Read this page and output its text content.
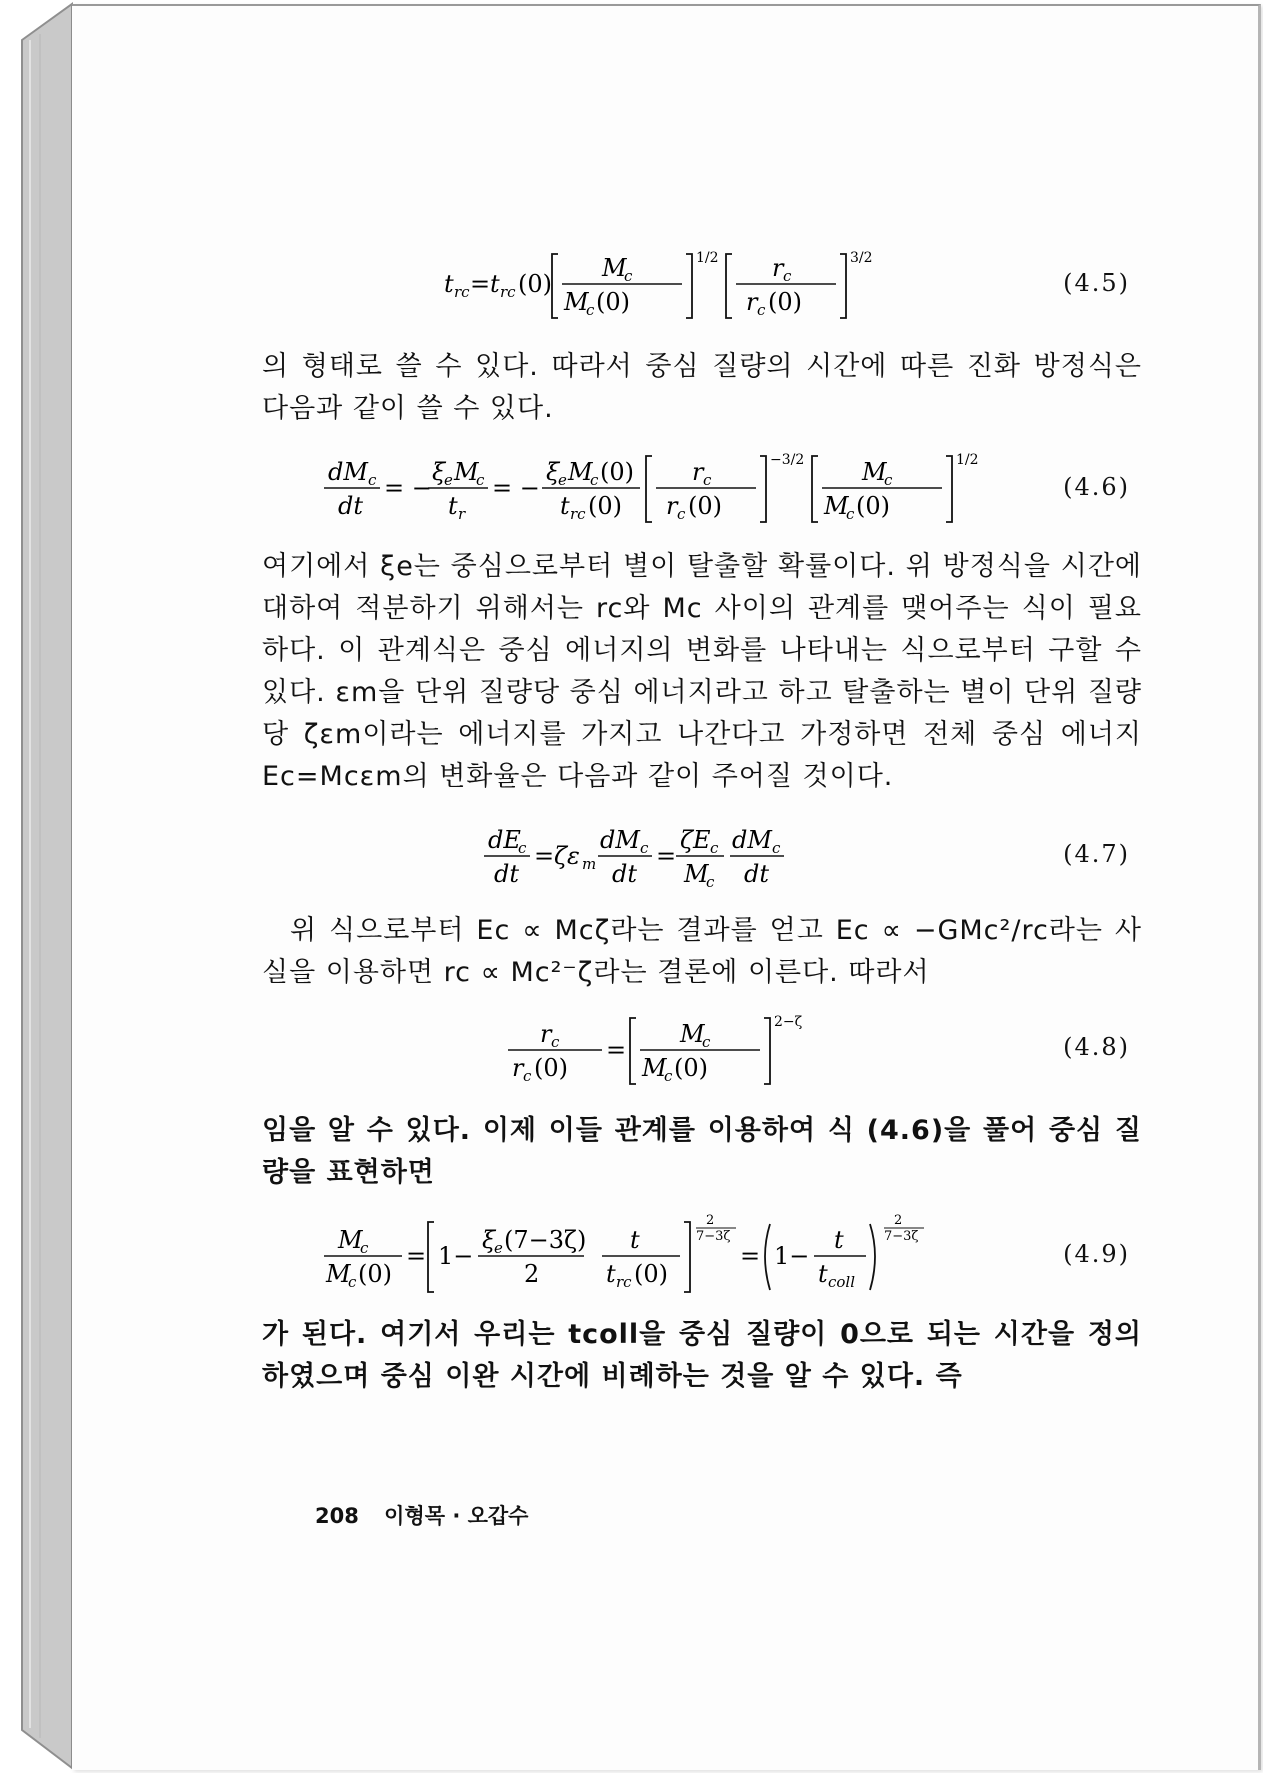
t rc = t rc (0)
M
c
M
c (0)
1/2 r c
r c (0)
3/2
(4.5)

의 형태로 쓸 수 있다. 따라서 중심 질량의 시간에 따른 진화 방정식은 다음과 같이 쓸 수 있다.

dM c
dt
= −
ξ
e M
c
t r
= −
ξ
e M
c (0)
t rc (0)
r c
r c (0)
−3/2 M
c
M
c (0)
1/2
(4.6)

여기에서 ξe는 중심으로부터 별이 탈출할 확률이다. 위 방정식을 시간에 대하여 적분하기 위해서는 rc와 Mc 사이의 관계를 맺어주는 식이 필요하다. 이 관계식은 중심 에너지의 변화를 나타내는 식으로부터 구할 수 있다. εm을 단위 질량당 중심 에너지라고 하고 탈출하는 별이 단위 질량당 ζεm이라는 에너지를 가지고 나간다고 가정하면 전체 중심 에너지 Ec=Mcεm의 변화율은 다음과 같이 주어질 것이다.

dE
c
dt
= ζε m
dM c
dt
=
ζE c
M
c
dM c
dt
(4.7)

위 식으로부터 Ec ∝ Mcζ라는 결과를 얻고 Ec ∝ −GMc²/rc라는 사실을 이용하면 rc ∝ Mc²⁻ζ라는 결론에 이른다. 따라서

r c
r c (0)
=
M
c
M
c (0)
2−ζ
(4.8)

임을 알 수 있다. 이제 이들 관계를 이용하여 식 (4.6)을 풀어 중심 질량을 표현하면

M
c
M
c (0)
= 1−
ξ
e (7−3ζ)
2
t
t rc (0)
2
7−3ζ
= 1−
t
t coll
2
7−3ζ
(4.9)

가 된다. 여기서 우리는 tcoll을 중심 질량이 0으로 되는 시간을 정의하였으며 중심 이완 시간에 비례하는 것을 알 수 있다. 즉

208 이형목 · 오갑수
